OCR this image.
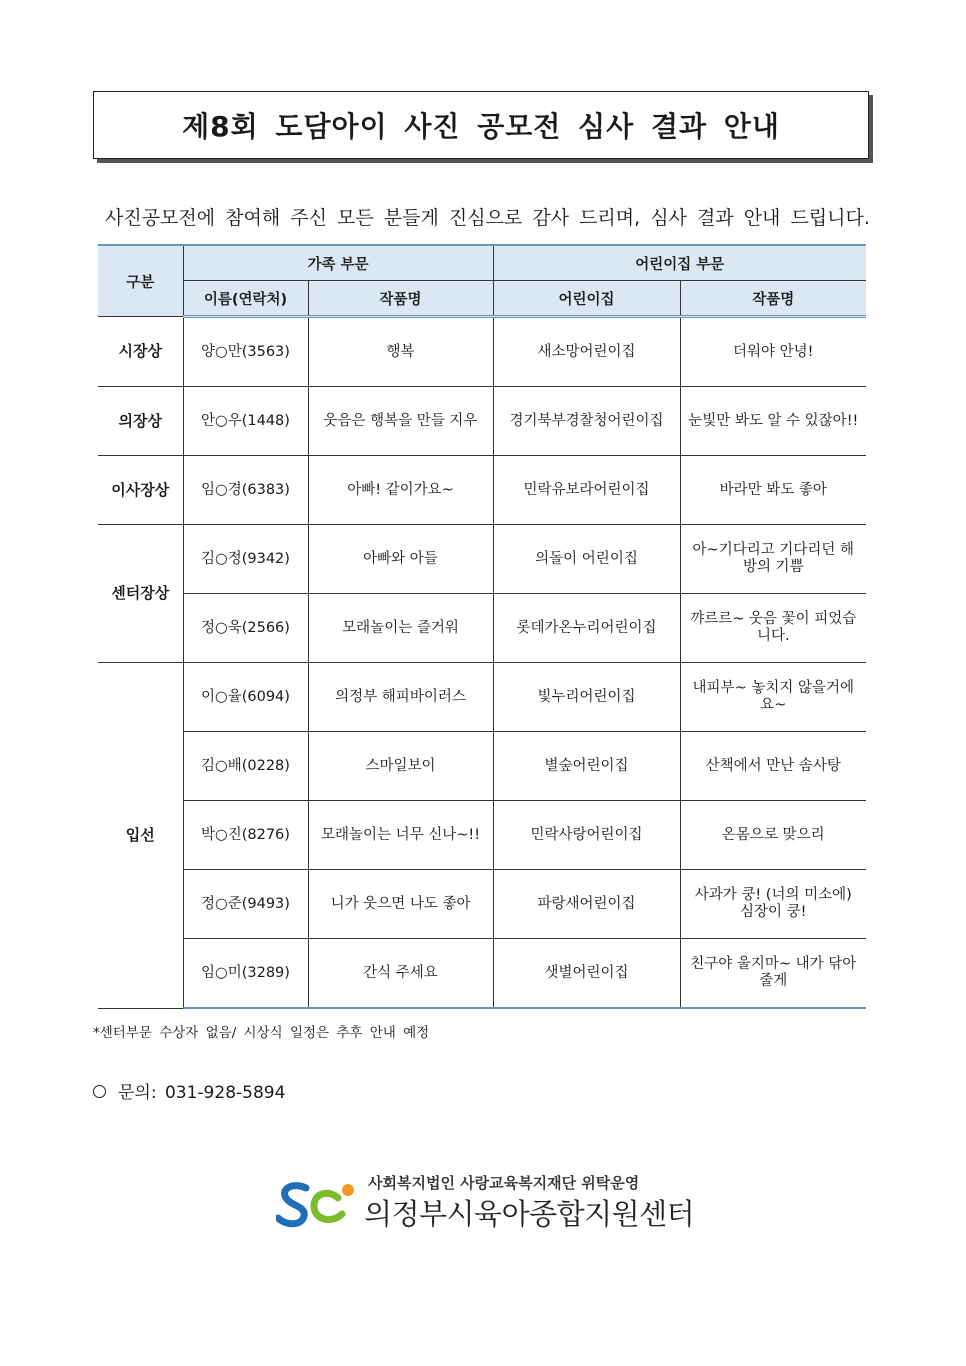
제8회 도담아이 사진 공모전 심사 결과 안내
사진공모전에 참여해 주신 모든 분들게 진심으로 감사 드리며, 심사 결과 안내 드립니다.
구분	가족 부문		어린이집 부문	
	이름(연락처)	작품명	어린이집	작품명
시장상	양○만(3563)	행복	새소망어린이집	더워야 안녕!
의장상	안○우(1448)	웃음은 행복을 만들 지우	경기북부경찰청어린이집	눈빛만 봐도 알 수 있잖아!!
이사장상	임○경(6383)	아빠! 같이가요~	민락유보라어린이집	바라만 봐도 좋아
센터장상	김○정(9342)	아빠와 아들	의돌이 어린이집	아~기다리고 기다리던 해방의 기쁨
	정○욱(2566)	모래놀이는 즐거워	롯데가온누리어린이집	꺄르르~ 웃음 꽃이 피었습니다.
입선	이○율(6094)	의정부 해피바이러스	빛누리어린이집	내피부~ 놓치지 않을거에요~
	김○배(0228)	스마일보이	별숲어린이집	산책에서 만난 솜사탕
	박○진(8276)	모래놀이는 너무 신나~!!	민락사랑어린이집	온몸으로 맞으리
	정○준(9493)	니가 웃으면 나도 좋아	파랑새어린이집	사과가 쿵! (너의 미소에) 심장이 쿵!
	임○미(3289)	간식 주세요	샛별어린이집	친구야 울지마~ 내가 닦아줄게
*센터부문 수상자 없음/ 시상식 일정은 추후 안내 예정
문의: 031-928-5894
사회복지법인 사랑교육복지재단 위탁운영
의정부시육아종합지원센터
